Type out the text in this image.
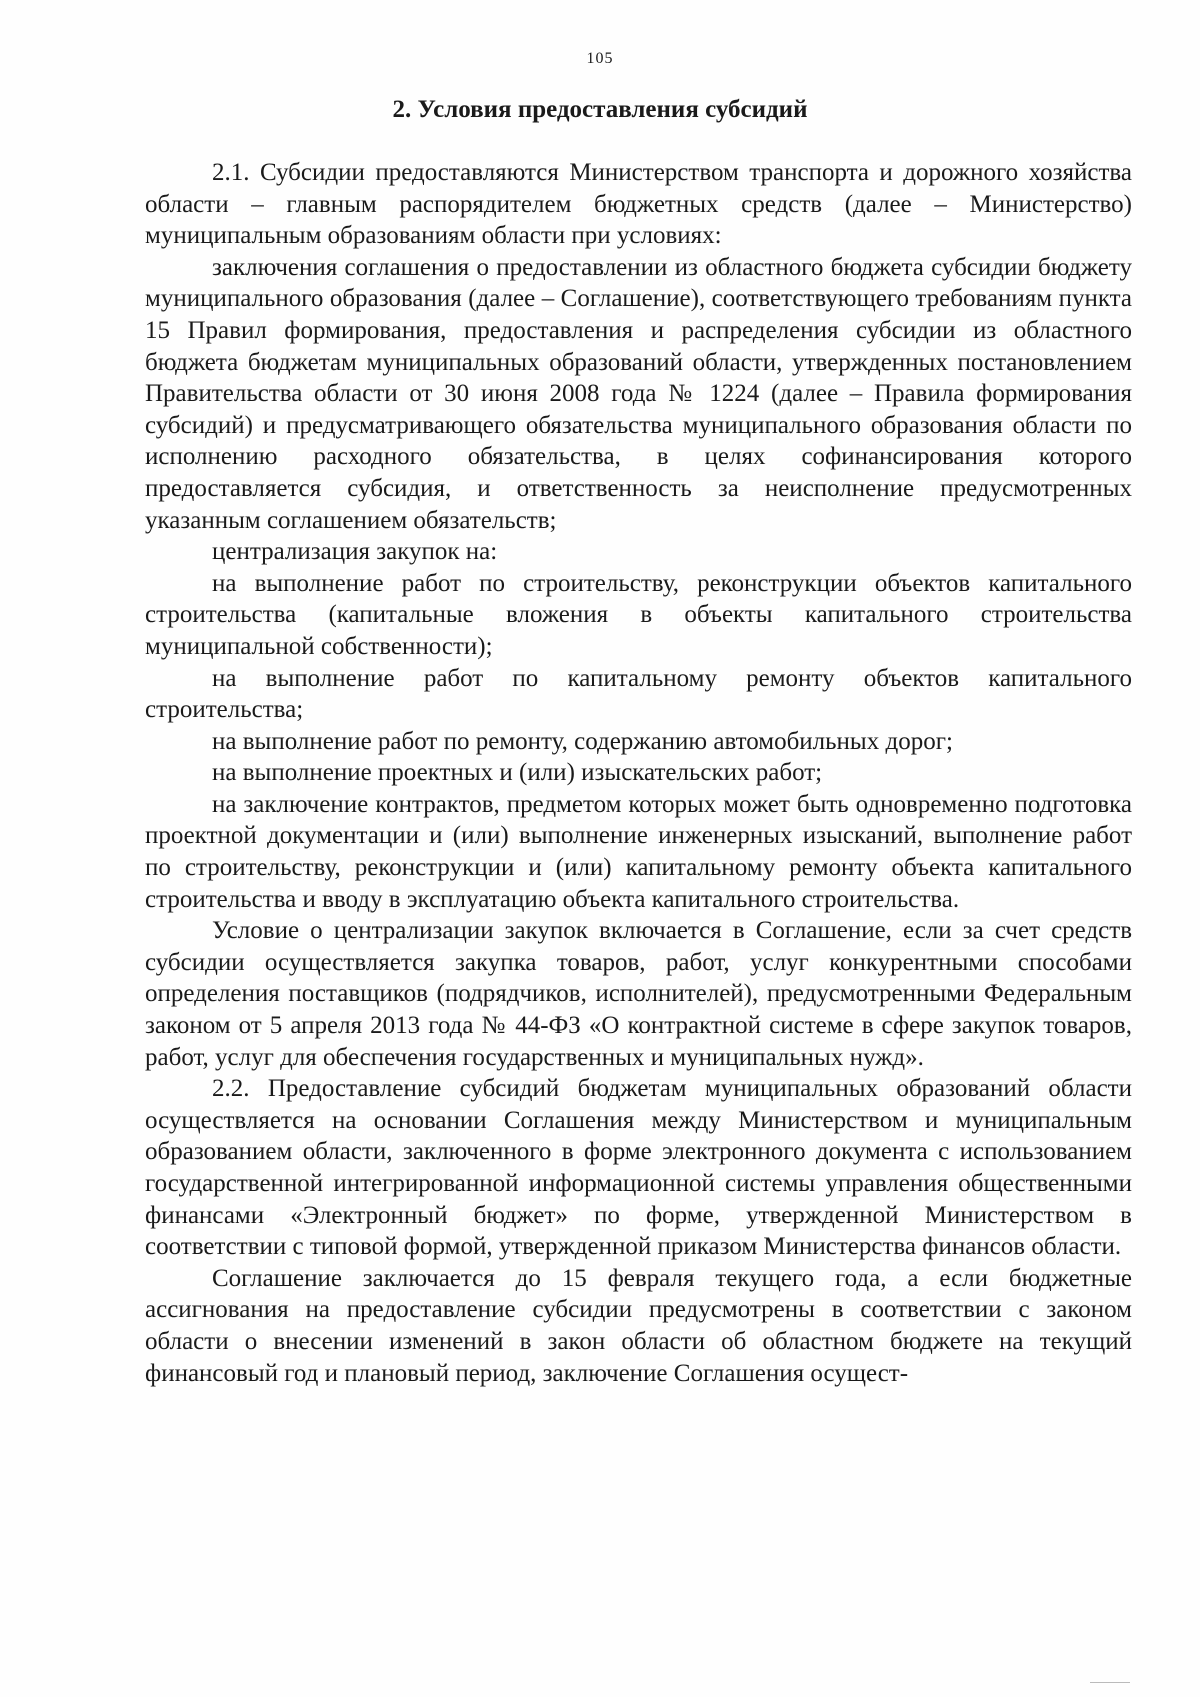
105
2. Условия предоставления субсидий

2.1. Субсидии предоставляются Министерством транспорта и дорожного хозяйства области – главным распорядителем бюджетных средств (далее – Министерство) муниципальным образованиям области при условиях:

заключения соглашения о предоставлении из областного бюджета субсидии бюджету муниципального образования (далее – Соглашение), соответствующего требованиям пункта 15 Правил формирования, предоставления и распределения субсидии из областного бюджета бюджетам муниципальных образований области, утвержденных постановлением Правительства области от 30 июня 2008 года № 1224 (далее – Правила формирования субсидий) и предусматривающего обязательства муниципального образования области по исполнению расходного обязательства, в целях софинансирования которого предоставляется субсидия, и ответственность за неисполнение предусмотренных указанным соглашением обязательств;

централизация закупок на:

на выполнение работ по строительству, реконструкции объектов капитального строительства (капитальные вложения в объекты капитального строительства муниципальной собственности);

на выполнение работ по капитальному ремонту объектов капитального строительства;

на выполнение работ по ремонту, содержанию автомобильных дорог;

на выполнение проектных и (или) изыскательских работ;

на заключение контрактов, предметом которых может быть одновременно подготовка проектной документации и (или) выполнение инженерных изысканий, выполнение работ по строительству, реконструкции и (или) капитальному ремонту объекта капитального строительства и вводу в эксплуатацию объекта капитального строительства.

Условие о централизации закупок включается в Соглашение, если за счет средств субсидии осуществляется закупка товаров, работ, услуг конкурентными способами определения поставщиков (подрядчиков, исполнителей), предусмотренными Федеральным законом от 5 апреля 2013 года № 44-ФЗ «О контрактной системе в сфере закупок товаров, работ, услуг для обеспечения государственных и муниципальных нужд».

2.2. Предоставление субсидий бюджетам муниципальных образований области осуществляется на основании Соглашения между Министерством и муниципальным образованием области, заключенного в форме электронного документа с использованием государственной интегрированной информационной системы управления общественными финансами «Электронный бюджет» по форме, утвержденной Министерством в соответствии с типовой формой, утвержденной приказом Министерства финансов области.

Соглашение заключается до 15 февраля текущего года, а если бюджетные ассигнования на предоставление субсидии предусмотрены в соответствии с законом области о внесении изменений в закон области об областном бюджете на текущий финансовый год и плановый период, заключение Соглашения осущест-
